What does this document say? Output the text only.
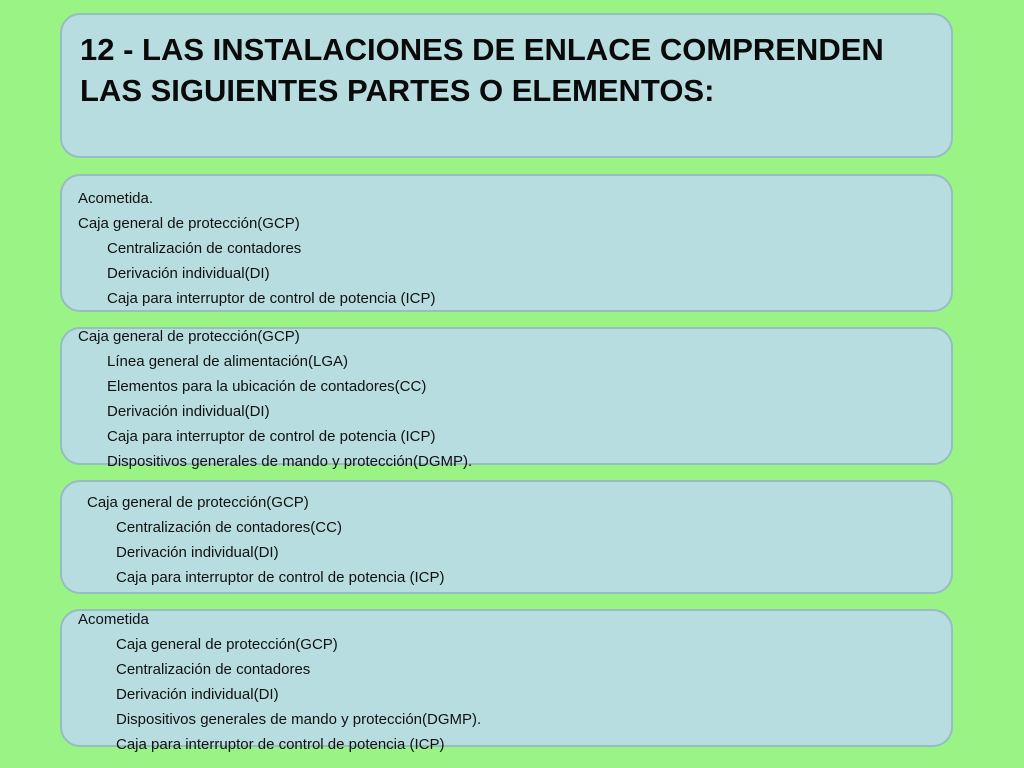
12 - LAS INSTALACIONES DE ENLACE COMPRENDEN LAS SIGUIENTES PARTES O ELEMENTOS:
Acometida.
Caja general de protección(GCP)
Centralización de contadores
Derivación individual(DI)
Caja para interruptor de control de potencia (ICP)
Caja general de protección(GCP)
Línea general de alimentación(LGA)
Elementos para la ubicación de contadores(CC)
Derivación individual(DI)
Caja para interruptor de control de potencia (ICP)
Dispositivos generales de mando y protección(DGMP).
Caja general de protección(GCP)
Centralización de contadores(CC)
Derivación individual(DI)
Caja para interruptor de control de potencia (ICP)
Acometida
Caja general de protección(GCP)
Centralización de contadores
Derivación individual(DI)
Dispositivos generales de mando y protección(DGMP).
Caja para interruptor de control de potencia (ICP)
